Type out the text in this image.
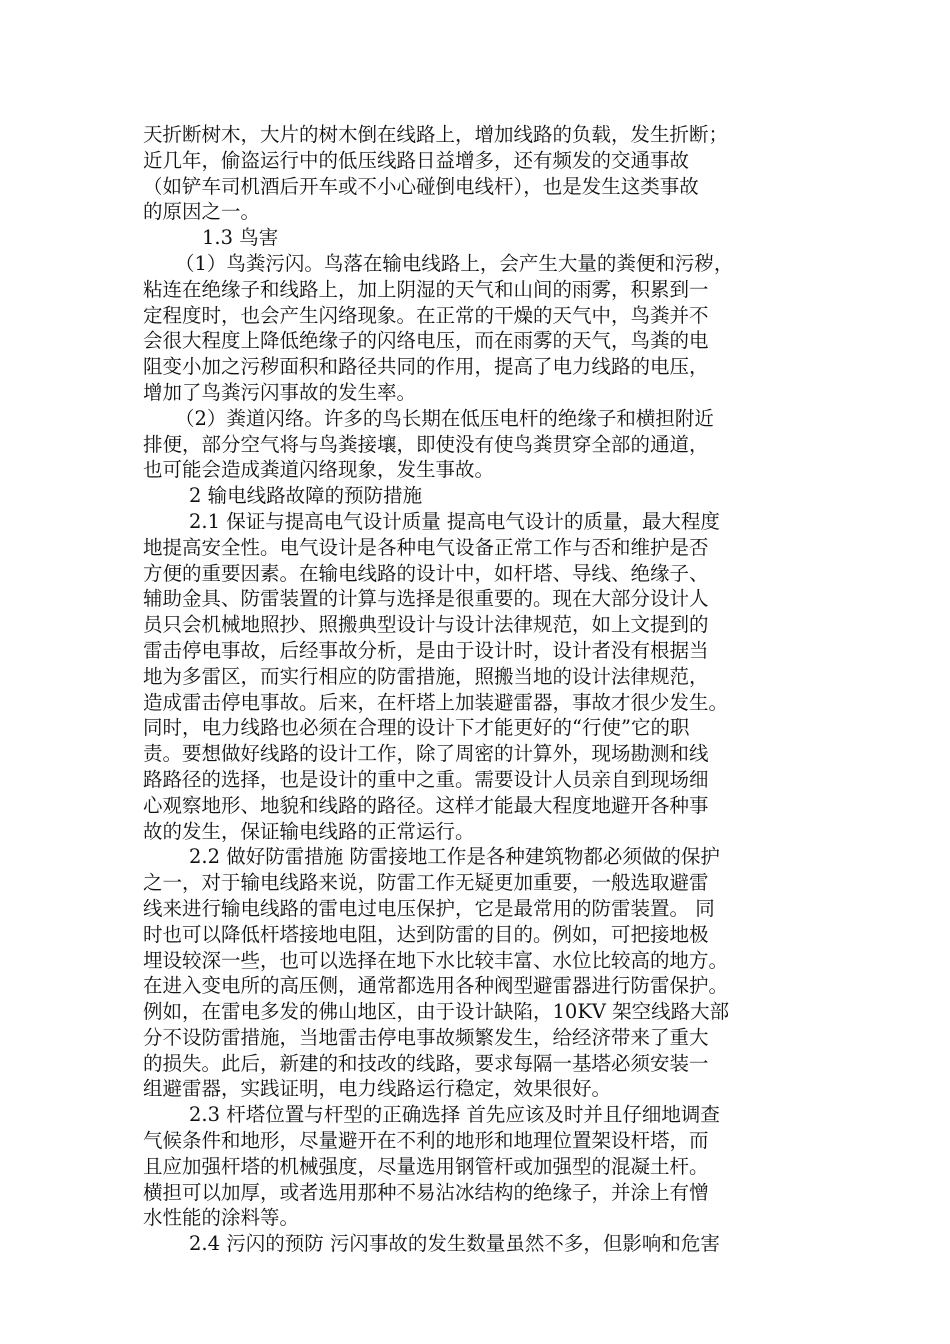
天折断树木，大片的树木倒在线路上，增加线路的负载，发生折断；
近几年，偷盗运行中的低压线路日益增多，还有频发的交通事故
（如铲车司机酒后开车或不小心碰倒电线杆），也是发生这类事故
的原因之一。
1.3 鸟害
（1）鸟粪污闪。鸟落在输电线路上，会产生大量的粪便和污秽，
粘连在绝缘子和线路上，加上阴湿的天气和山间的雨雾，积累到一
定程度时，也会产生闪络现象。在正常的干燥的天气中，鸟粪并不
会很大程度上降低绝缘子的闪络电压，而在雨雾的天气，鸟粪的电
阻变小加之污秽面积和路径共同的作用，提高了电力线路的电压，
增加了鸟粪污闪事故的发生率。
（2）粪道闪络。许多的鸟长期在低压电杆的绝缘子和横担附近
排便，部分空气将与鸟粪接壤，即使没有使鸟粪贯穿全部的通道，
也可能会造成粪道闪络现象，发生事故。
2 输电线路故障的预防措施
2.1 保证与提高电气设计质量 提高电气设计的质量，最大程度
地提高安全性。电气设计是各种电气设备正常工作与否和维护是否
方便的重要因素。在输电线路的设计中，如杆塔、导线、绝缘子、
辅助金具、防雷装置的计算与选择是很重要的。现在大部分设计人
员只会机械地照抄、照搬典型设计与设计法律规范，如上文提到的
雷击停电事故，后经事故分析，是由于设计时，设计者没有根据当
地为多雷区，而实行相应的防雷措施，照搬当地的设计法律规范，
造成雷击停电事故。后来，在杆塔上加装避雷器，事故才很少发生。
同时，电力线路也必须在合理的设计下才能更好的“行使”它的职
责。要想做好线路的设计工作，除了周密的计算外，现场勘测和线
路路径的选择，也是设计的重中之重。需要设计人员亲自到现场细
心观察地形、地貌和线路的路径。这样才能最大程度地避开各种事
故的发生，保证输电线路的正常运行。
2.2 做好防雷措施 防雷接地工作是各种建筑物都必须做的保护
之一，对于输电线路来说，防雷工作无疑更加重要，一般选取避雷
线来进行输电线路的雷电过电压保护，它是最常用的防雷装置。 同
时也可以降低杆塔接地电阻，达到防雷的目的。例如，可把接地极
埋设较深一些，也可以选择在地下水比较丰富、水位比较高的地方。
在进入变电所的高压侧，通常都选用各种阀型避雷器进行防雷保护。
例如，在雷电多发的佛山地区，由于设计缺陷，10KV 架空线路大部
分不设防雷措施，当地雷击停电事故频繁发生，给经济带来了重大
的损失。此后，新建的和技改的线路，要求每隔一基塔必须安装一
组避雷器，实践证明，电力线路运行稳定，效果很好。
2.3 杆塔位置与杆型的正确选择 首先应该及时并且仔细地调查
气候条件和地形，尽量避开在不利的地形和地理位置架设杆塔，而
且应加强杆塔的机械强度，尽量选用钢管杆或加强型的混凝土杆。
横担可以加厚，或者选用那种不易沾冰结构的绝缘子，并涂上有憎
水性能的涂料等。
2.4 污闪的预防 污闪事故的发生数量虽然不多，但影响和危害
